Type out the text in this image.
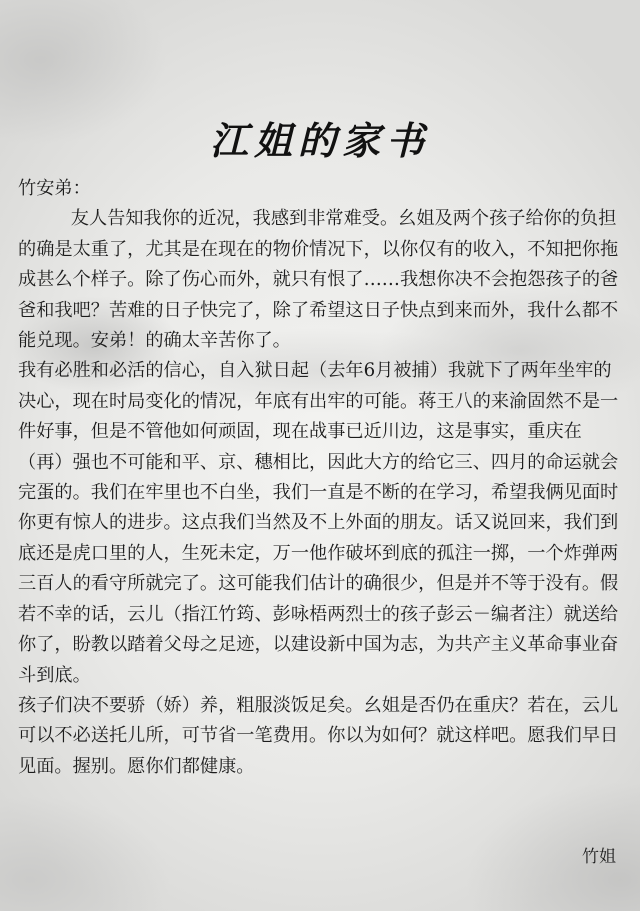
江姐的家书

竹安弟：

友人告知我你的近况，我感到非常难受。幺姐及两个孩子给你的负担的确是太重了，尤其是在现在的物价情况下，以你仅有的收入，不知把你拖成甚么个样子。除了伤心而外，就只有恨了……我想你决不会抱怨孩子的爸爸和我吧？苦难的日子快完了，除了希望这日子快点到来而外，我什么都不能兑现。安弟！的确太辛苦你了。

我有必胜和必活的信心，自入狱日起（去年6月被捕）我就下了两年坐牢的决心，现在时局变化的情况，年底有出牢的可能。蒋王八的来渝固然不是一件好事，但是不管他如何顽固，现在战事已近川边，这是事实，重庆在（再）强也不可能和平、京、穗相比，因此大方的给它三、四月的命运就会完蛋的。我们在牢里也不白坐，我们一直是不断的在学习，希望我俩见面时你更有惊人的进步。这点我们当然及不上外面的朋友。话又说回来，我们到底还是虎口里的人，生死未定，万一他作破坏到底的孤注一掷，一个炸弹两三百人的看守所就完了。这可能我们估计的确很少，但是并不等于没有。假若不幸的话，云儿（指江竹筠、彭咏梧两烈士的孩子彭云－编者注）就送给你了，盼教以踏着父母之足迹，以建设新中国为志，为共产主义革命事业奋斗到底。

孩子们决不要骄（娇）养，粗服淡饭足矣。幺姐是否仍在重庆？若在，云儿可以不必送托儿所，可节省一笔费用。你以为如何？就这样吧。愿我们早日见面。握别。愿你们都健康。

竹姐
